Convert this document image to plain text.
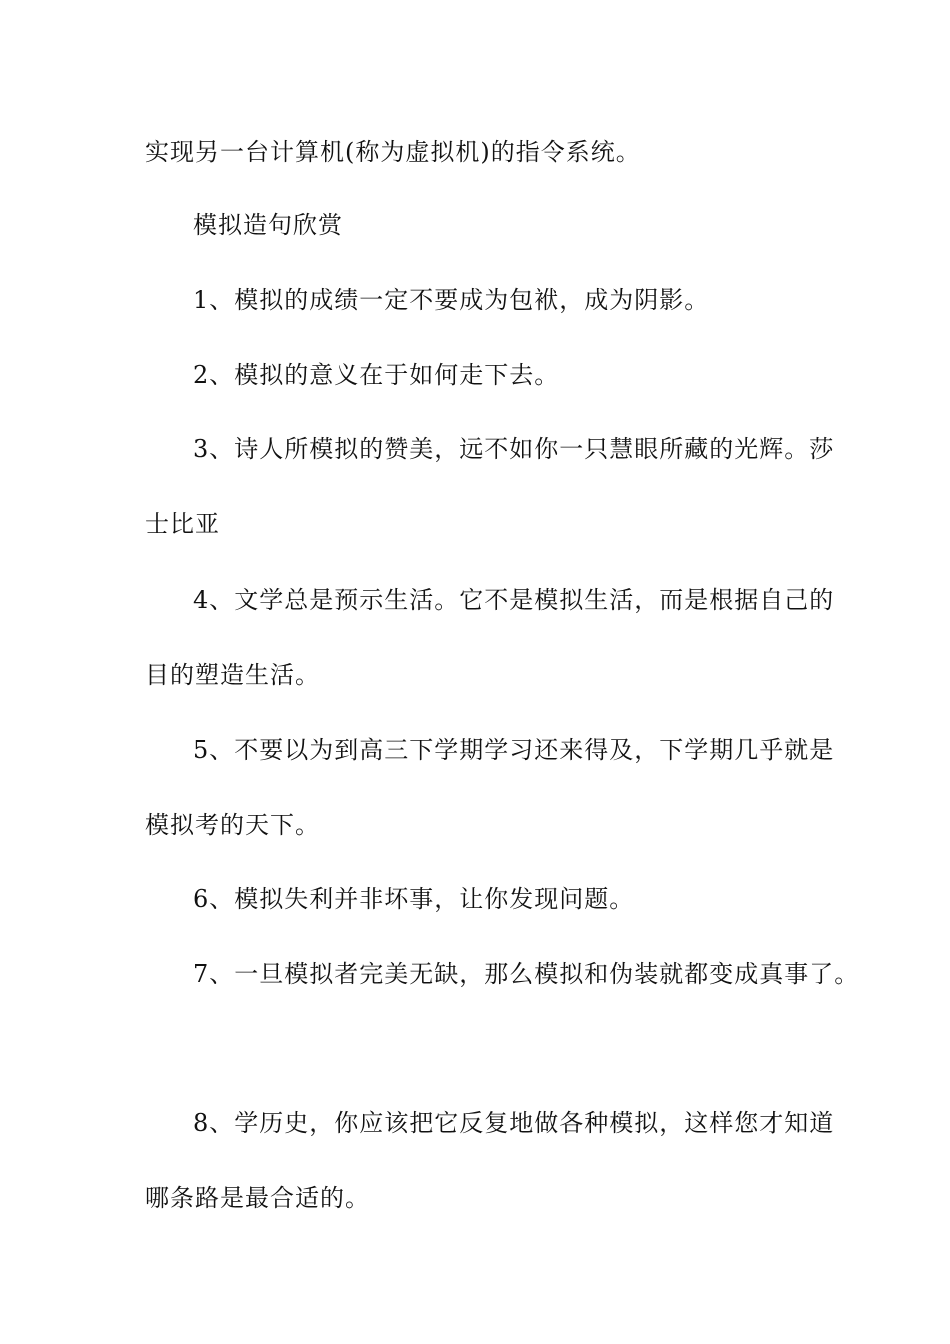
实现另一台计算机(称为虚拟机)的指令系统。
模拟造句欣赏
1、模拟的成绩一定不要成为包袱，成为阴影。
2、模拟的意义在于如何走下去。
3、诗人所模拟的赞美，远不如你一只慧眼所藏的光辉。莎
士比亚
4、文学总是预示生活。它不是模拟生活，而是根据自己的
目的塑造生活。
5、不要以为到高三下学期学习还来得及，下学期几乎就是
模拟考的天下。
6、模拟失利并非坏事，让你发现问题。
7、一旦模拟者完美无缺，那么模拟和伪装就都变成真事了。
8、学历史，你应该把它反复地做各种模拟，这样您才知道
哪条路是最合适的。
